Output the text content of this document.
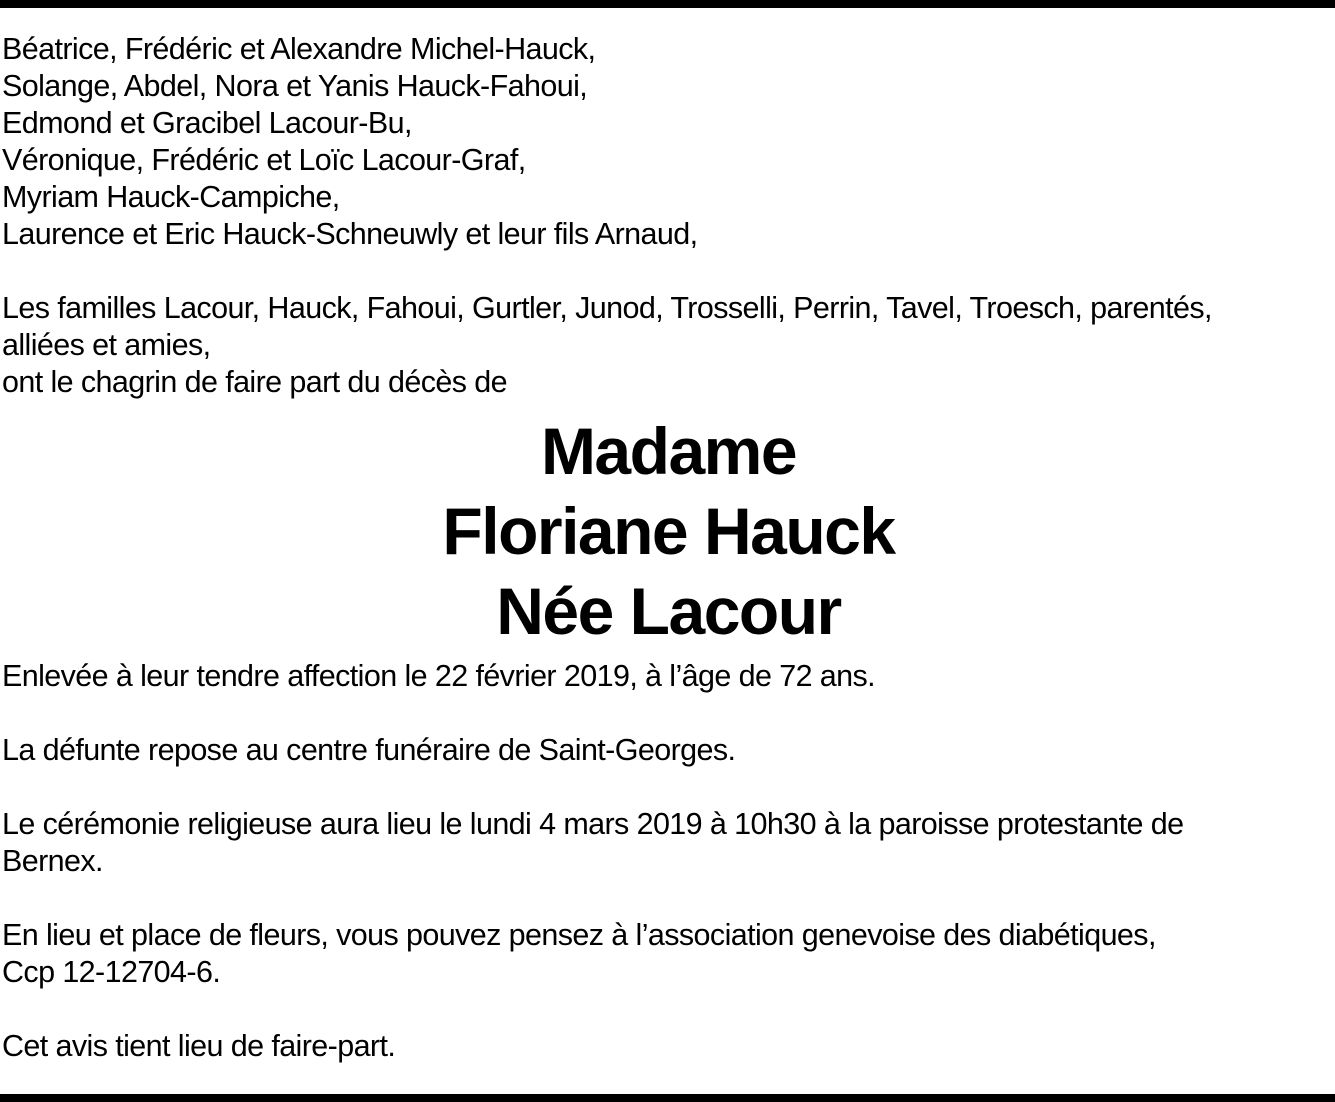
Béatrice, Frédéric et Alexandre Michel-Hauck,
Solange, Abdel, Nora et Yanis Hauck-Fahoui,
Edmond et Gracibel Lacour-Bu,
Véronique, Frédéric et Loïc Lacour-Graf,
Myriam Hauck-Campiche,
Laurence et Eric Hauck-Schneuwly et leur fils Arnaud,
Les familles Lacour, Hauck, Fahoui, Gurtler, Junod, Trosselli, Perrin, Tavel, Troesch, parentés,
alliées et amies,
ont le chagrin de faire part du décès de
Madame
Floriane Hauck
Née Lacour
Enlevée à leur tendre affection le 22 février 2019, à l’âge de 72 ans.
La défunte repose au centre funéraire de Saint-Georges.
Le cérémonie religieuse aura lieu le lundi 4 mars 2019 à 10h30 à la paroisse protestante de
Bernex.
En lieu et place de fleurs, vous pouvez pensez à l’association genevoise des diabétiques,
Ccp 12-12704-6.
Cet avis tient lieu de faire-part.
